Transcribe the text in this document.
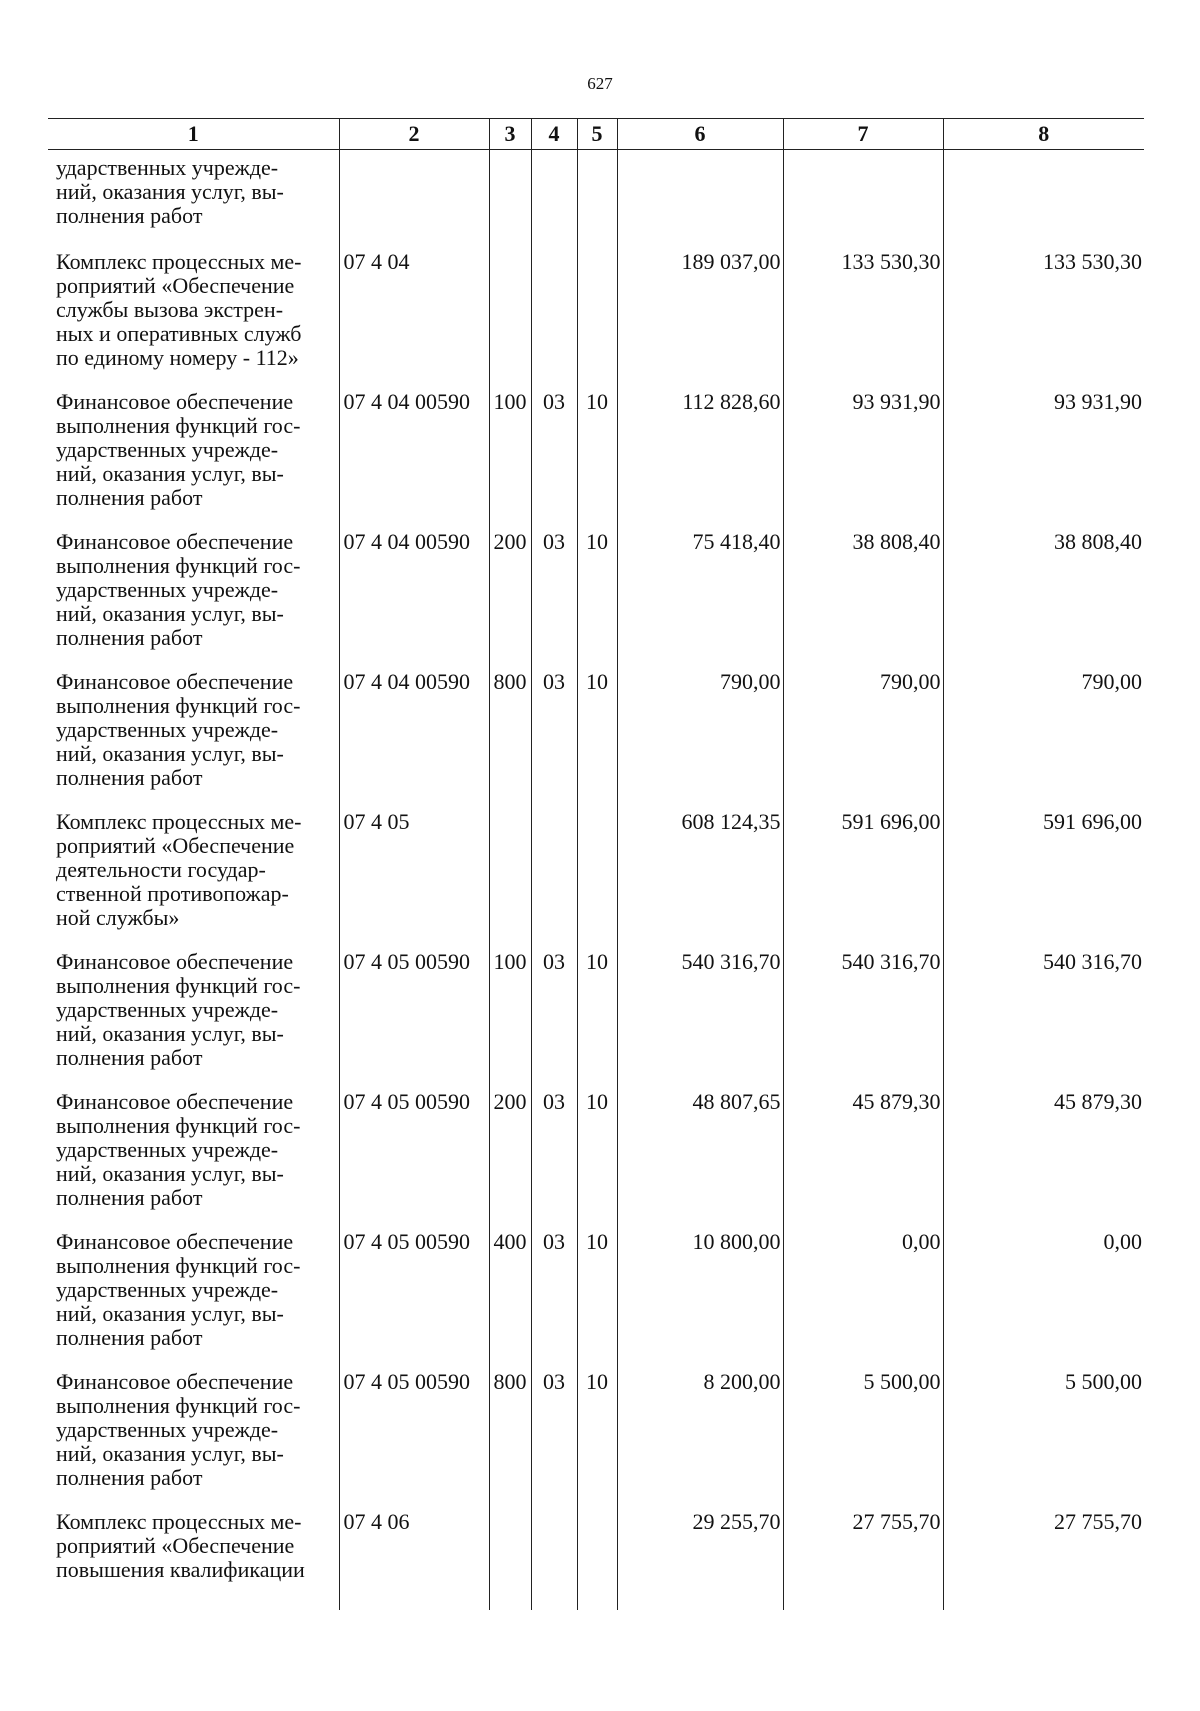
627
1	2	3	4	5	6	7	8
ударственных учрежде-
ний, оказания услуг, вы-
полнения работ							
Комплекс процессных ме-
роприятий «Обеспечение
службы вызова экстрен-
ных и оперативных служб
по единому номеру - 112»	07 4 04				189 037,00	133 530,30	133 530,30
Финансовое обеспечение
выполнения функций гос-
ударственных учрежде-
ний, оказания услуг, вы-
полнения работ	07 4 04 00590	100	03	10	112 828,60	93 931,90	93 931,90
Финансовое обеспечение
выполнения функций гос-
ударственных учрежде-
ний, оказания услуг, вы-
полнения работ	07 4 04 00590	200	03	10	75 418,40	38 808,40	38 808,40
Финансовое обеспечение
выполнения функций гос-
ударственных учрежде-
ний, оказания услуг, вы-
полнения работ	07 4 04 00590	800	03	10	790,00	790,00	790,00
Комплекс процессных ме-
роприятий «Обеспечение
деятельности государ-
ственной противопожар-
ной службы»	07 4 05				608 124,35	591 696,00	591 696,00
Финансовое обеспечение
выполнения функций гос-
ударственных учрежде-
ний, оказания услуг, вы-
полнения работ	07 4 05 00590	100	03	10	540 316,70	540 316,70	540 316,70
Финансовое обеспечение
выполнения функций гос-
ударственных учрежде-
ний, оказания услуг, вы-
полнения работ	07 4 05 00590	200	03	10	48 807,65	45 879,30	45 879,30
Финансовое обеспечение
выполнения функций гос-
ударственных учрежде-
ний, оказания услуг, вы-
полнения работ	07 4 05 00590	400	03	10	10 800,00	0,00	0,00
Финансовое обеспечение
выполнения функций гос-
ударственных учрежде-
ний, оказания услуг, вы-
полнения работ	07 4 05 00590	800	03	10	8 200,00	5 500,00	5 500,00
Комплекс процессных ме-
роприятий «Обеспечение
повышения квалификации	07 4 06				29 255,70	27 755,70	27 755,70
